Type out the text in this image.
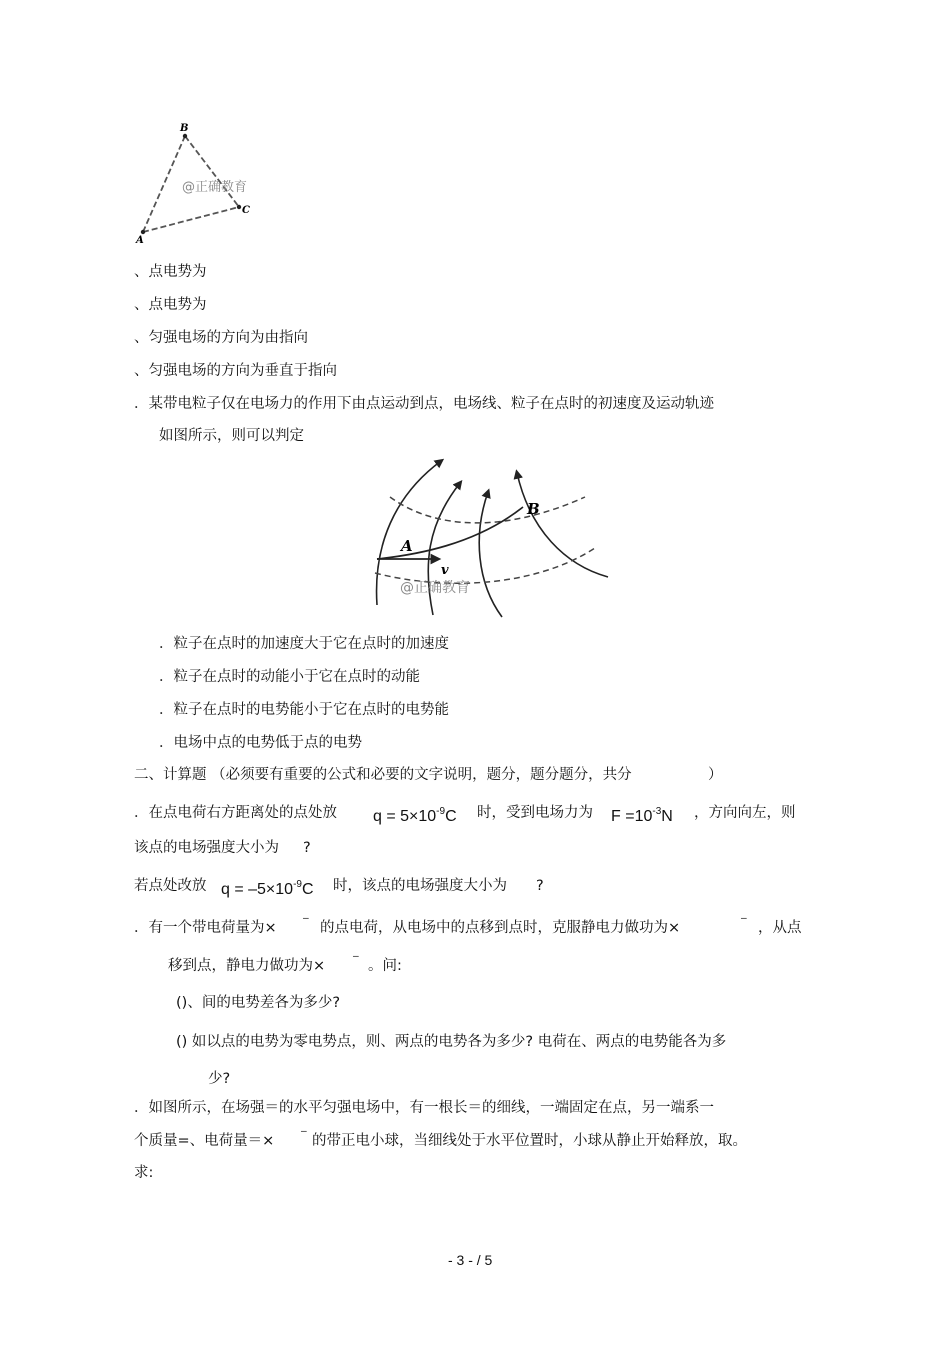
B
C
A
@正确教育
、点电势为
、点电势为
、匀强电场的方向为由指向
、匀强电场的方向为垂直于指向
．某带电粒子仅在电场力的作用下由点运动到点，电场线、粒子在点时的初速度及运动轨迹
如图所示，则可以判定
A
B
v
@正确教育
．粒子在点时的加速度大于它在点时的加速度
．粒子在点时的动能小于它在点时的动能
．粒子在点时的电势能小于它在点时的电势能
．电场中点的电势低于点的电势
二、计算题 （必须要有重要的公式和必要的文字说明，题分，题分题分，共分	）
．在点电荷右方距离处的点处放 $q = 5\times 10^{-9}C$ 时，受到电场力为 $F =10^{-3}N$ ，方向向左，则
该点的电场强度大小为 ?
若点处改放 $q = -5\times 10^{-9}C$ 时，该点的电场强度大小为 ?
．有一个带电荷量为× ⁻ 的点电荷，从电场中的点移到点时，克服静电力做功为×	⁻ ，从点
移到点，静电力做功为× ⁻ 。问:
()、间的电势差各为多少?
() 如以点的电势为零电势点，则、两点的电势各为多少? 电荷在、两点的电势能各为多
少?
．如图所示，在场强＝的水平匀强电场中，有一根长＝的细线，一端固定在点，另一端系一
个质量=、电荷量＝× ⁻ 的带正电小球，当细线处于水平位置时，小球从静止开始释放，取。
求:
- 3 - / 5
